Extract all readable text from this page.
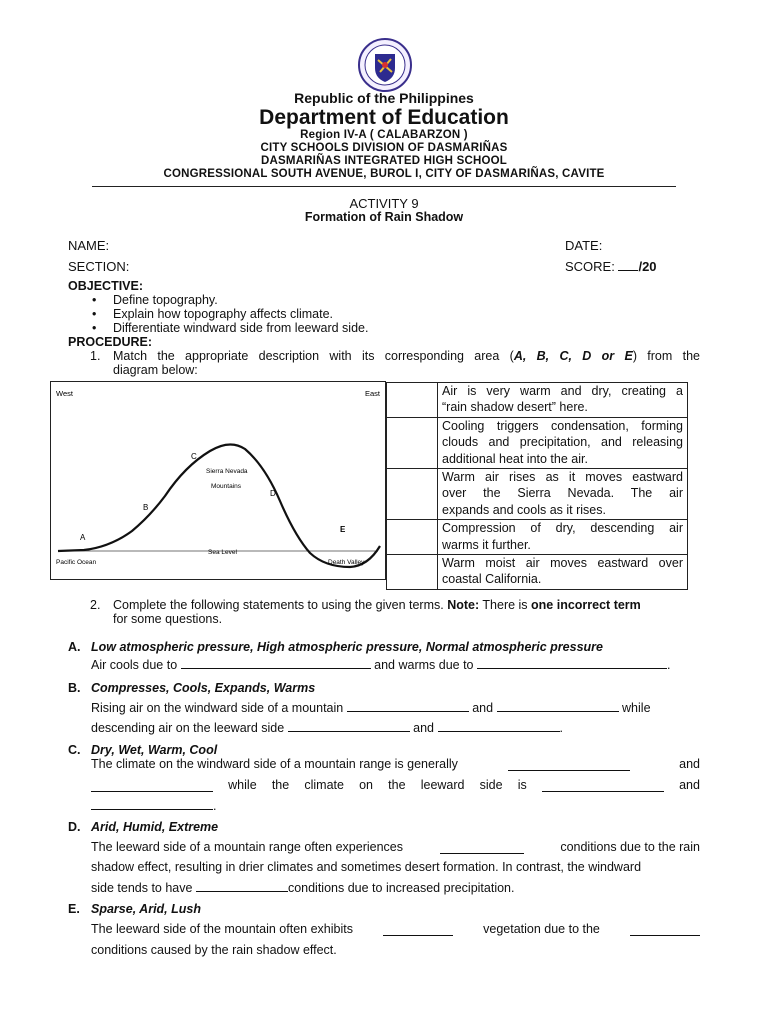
Republic of the Philippines
Department of Education
Region IV-A ( CALABARZON )
CITY SCHOOLS DIVISION OF DASMARIÑAS
DASMARIÑAS INTEGRATED HIGH SCHOOL
CONGRESSIONAL SOUTH AVENUE, BUROL I, CITY OF DASMARIÑAS, CAVITE
ACTIVITY 9
Formation of Rain Shadow
NAME:	DATE:
SECTION:	SCORE: /20
OBJECTIVE:
• Define topography.
• Explain how topography affects climate.
• Differentiate windward side from leeward side.
PROCEDURE:
1. Match the appropriate description with its corresponding area (A, B, C, D or E) from the
diagram below:
West	East
Pacific Ocean
Sea Level
Death Valley
Sierra Nevada
Mountains
A
B
C
D
E

	Air is very warm and dry, creating a
“rain shadow desert” here.

	Cooling triggers condensation, forming
clouds and precipitation, and releasing
additional heat into the air.

	Warm air rises as it moves eastward
over the Sierra Nevada. The air
expands and cools as it rises.

	Compression of dry, descending air
warms it further.

	Warm moist air moves eastward over
coastal California.
2. Complete the following statements to using the given terms. Note: There is one incorrect term
for some questions.
A. Low atmospheric pressure, High atmospheric pressure, Normal atmospheric pressure
Air cools due to	and warms due to	.
B. Compresses, Cools, Expands, Warms
Rising air on the windward side of a mountain	and	while
descending air on the leeward side	and	.
C. Dry, Wet, Warm, Cool
The climate on the windward side of a mountain range is generally	and
while the climate on the leeward side is	and
.
D. Arid, Humid, Extreme
The leeward side of a mountain range often experiences	conditions due to the rain
shadow effect, resulting in drier climates and sometimes desert formation. In contrast, the windward
side tends to have	conditions due to increased precipitation.
E. Sparse, Arid, Lush
The leeward side of the mountain often exhibits	vegetation due to the
conditions caused by the rain shadow effect.
